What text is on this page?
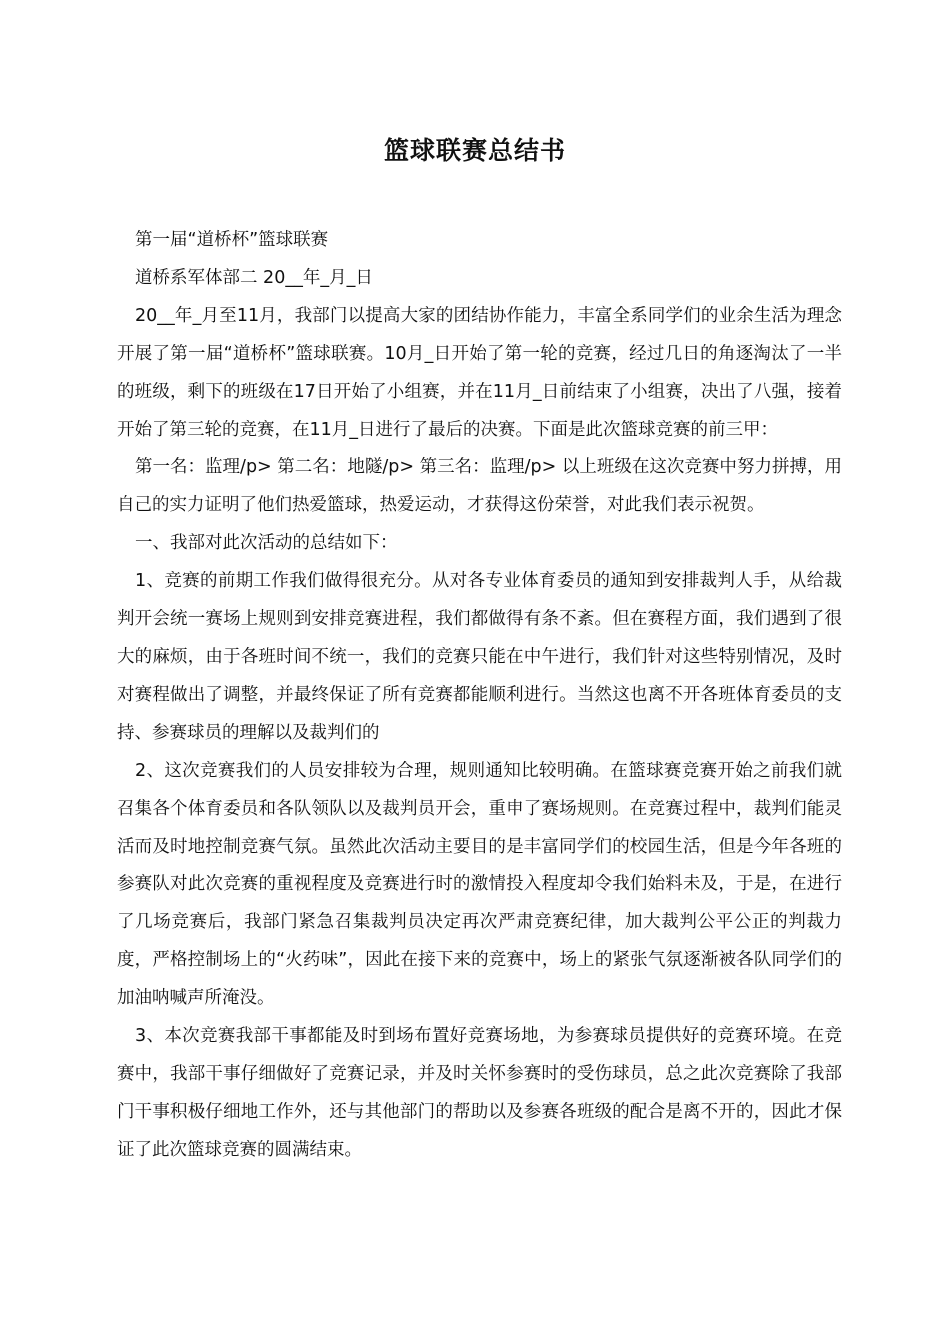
篮球联赛总结书

第一届“道桥杯”篮球联赛

道桥系军体部二 20__年_月_日

20__年_月至11月，我部门以提高大家的团结协作能力，丰富全系同学们的业余生活为理念开展了第一届“道桥杯”篮球联赛。10月_日开始了第一轮的竞赛，经过几日的角逐淘汰了一半的班级，剩下的班级在17日开始了小组赛，并在11月_日前结束了小组赛，决出了八强，接着开始了第三轮的竞赛，在11月_日进行了最后的决赛。下面是此次篮球竞赛的前三甲：

第一名：监理/p> 第二名：地隧/p> 第三名：监理/p> 以上班级在这次竞赛中努力拼搏，用自己的实力证明了他们热爱篮球，热爱运动，才获得这份荣誉，对此我们表示祝贺。

一、我部对此次活动的总结如下：

1、竞赛的前期工作我们做得很充分。从对各专业体育委员的通知到安排裁判人手，从给裁判开会统一赛场上规则到安排竞赛进程，我们都做得有条不紊。但在赛程方面，我们遇到了很大的麻烦，由于各班时间不统一，我们的竞赛只能在中午进行，我们针对这些特别情况，及时对赛程做出了调整，并最终保证了所有竞赛都能顺利进行。当然这也离不开各班体育委员的支持、参赛球员的理解以及裁判们的

2、这次竞赛我们的人员安排较为合理，规则通知比较明确。在篮球赛竞赛开始之前我们就召集各个体育委员和各队领队以及裁判员开会，重申了赛场规则。在竞赛过程中，裁判们能灵活而及时地控制竞赛气氛。虽然此次活动主要目的是丰富同学们的校园生活，但是今年各班的参赛队对此次竞赛的重视程度及竞赛进行时的激情投入程度却令我们始料未及，于是，在进行了几场竞赛后，我部门紧急召集裁判员决定再次严肃竞赛纪律，加大裁判公平公正的判裁力度，严格控制场上的“火药味”，因此在接下来的竞赛中，场上的紧张气氛逐渐被各队同学们的加油呐喊声所淹没。

3、本次竞赛我部干事都能及时到场布置好竞赛场地，为参赛球员提供好的竞赛环境。在竞赛中，我部干事仔细做好了竞赛记录，并及时关怀参赛时的受伤球员，总之此次竞赛除了我部门干事积极仔细地工作外，还与其他部门的帮助以及参赛各班级的配合是离不开的，因此才保证了此次篮球竞赛的圆满结束。
